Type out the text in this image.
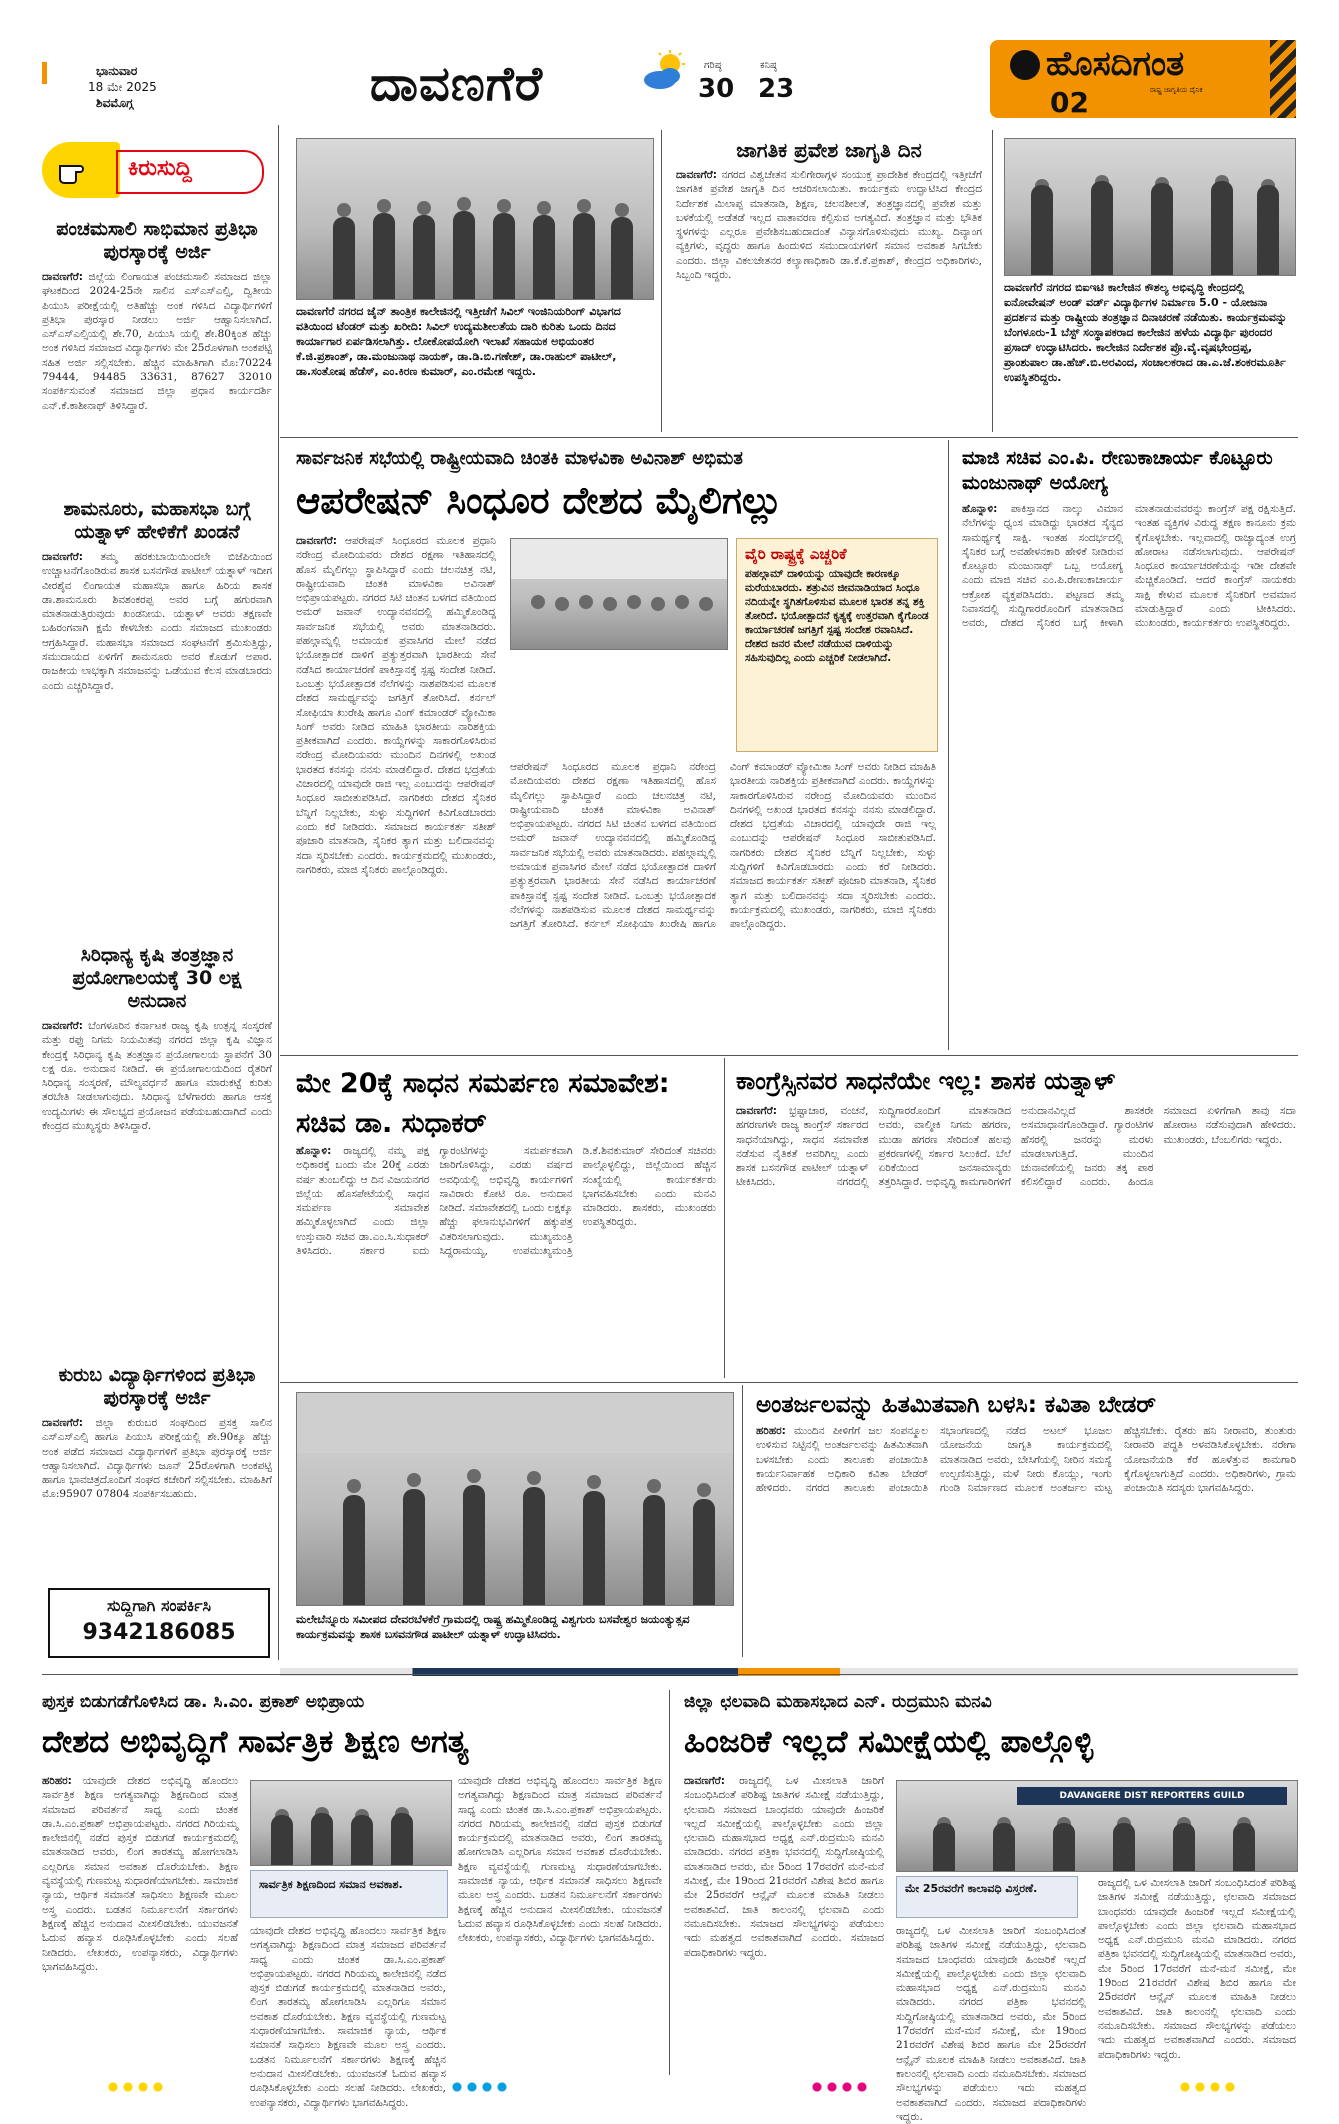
ಭಾನುವಾರ
18 ಮೇ 2025
ಶಿವಮೊಗ್ಗ	ದಾವಣಗೆರೆ	ಗರಿಷ್ಠ
30
ಕನಿಷ್ಠ
23
ಹೊಸದಿಗಂತ
ರಾಷ್ಟ್ರ ಜಾಗೃತಿಯ ದೈನಿಕ
02
ಕಿರುಸುದ್ದಿ
ಪಂಚಮಸಾಲಿ ಸಾಭಿಮಾನ ಪ್ರತಿಭಾ ಪುರಸ್ಕಾರಕ್ಕೆ ಅರ್ಜಿ
ದಾವಣಗೆರೆ: ಜಿಲ್ಲೆಯ ಲಿಂಗಾಯತ ಪಂಚಮಸಾಲಿ ಸಮಾಜದ ಜಿಲ್ಲಾ ಘಟಕದಿಂದ 2024-25ನೇ ಸಾಲಿನ ಎಸ್ಎಸ್ಎಲ್ಸಿ, ದ್ವಿತೀಯ ಪಿಯುಸಿ ಪರೀಕ್ಷೆಯಲ್ಲಿ ಅತಿಹೆಚ್ಚು ಅಂಕ ಗಳಿಸಿದ ವಿದ್ಯಾರ್ಥಿಗಳಿಗೆ ಪ್ರತಿಭಾ ಪುರಸ್ಕಾರ ನೀಡಲು ಅರ್ಜಿ ಆಹ್ವಾನಿಸಲಾಗಿದೆ. ಎಸ್ಎಸ್ಎಲ್ಸಿಯಲ್ಲಿ ಶೇ.70, ಪಿಯುಸಿ ಯಲ್ಲಿ ಶೇ.80ಕ್ಕಿಂತ ಹೆಚ್ಚು ಅಂಕ ಗಳಿಸಿದ ಸಮಾಜದ ವಿದ್ಯಾರ್ಥಿಗಳು ಮೇ 25ರೊಳಗಾಗಿ ಅಂಕಪಟ್ಟಿ ಸಹಿತ ಅರ್ಜಿ ಸಲ್ಲಿಸಬೇಕು. ಹೆಚ್ಚಿನ ಮಾಹಿತಿಗಾಗಿ ಮೊ:70224 79444, 94485 33631, 87627 32010 ಸಂಪರ್ಕಿಸುವಂತೆ ಸಮಾಜದ ಜಿಲ್ಲಾ ಪ್ರಧಾನ ಕಾರ್ಯದರ್ಶಿ ಎನ್.ಕೆ.ಕಾಶೀನಾಥ್ ತಿಳಿಸಿದ್ದಾರೆ.
ಶಾಮನೂರು, ಮಹಾಸಭಾ ಬಗ್ಗೆ ಯತ್ನಾಳ್ ಹೇಳಿಕೆಗೆ ಖಂಡನೆ
ದಾವಣಗೆರೆ: ತಮ್ಮ ಹರಕುಬಾಯಿಯಿಂದಲೇ ಬಿಜೆಪಿಯಿಂದ ಉಚ್ಚಾಟನೆಗೊಂಡಿರುವ ಶಾಸಕ ಬಸನಗೌಡ ಪಾಟೀಲ್ ಯತ್ನಾಳ್ ಇದೀಗ ವೀರಶೈವ ಲಿಂಗಾಯತ ಮಹಾಸಭಾ ಹಾಗೂ ಹಿರಿಯ ಶಾಸಕ ಡಾ.ಶಾಮನೂರು ಶಿವಶಂಕರಪ್ಪ ಅವರ ಬಗ್ಗೆ ಹಗುರವಾಗಿ ಮಾತನಾಡುತ್ತಿರುವುದು ಖಂಡನೀಯ. ಯತ್ನಾಳ್ ಅವರು ತಕ್ಷಣವೇ ಬಹಿರಂಗವಾಗಿ ಕ್ಷಮೆ ಕೇಳಬೇಕು ಎಂದು ಸಮಾಜದ ಮುಖಂಡರು ಆಗ್ರಹಿಸಿದ್ದಾರೆ. ಮಹಾಸಭಾ ಸಮಾಜದ ಸಂಘಟನೆಗೆ ಶ್ರಮಿಸುತ್ತಿದ್ದು, ಸಮುದಾಯದ ಏಳಿಗೆಗೆ ಶಾಮನೂರು ಅವರ ಕೊಡುಗೆ ಅಪಾರ. ರಾಜಕೀಯ ಲಾಭಕ್ಕಾಗಿ ಸಮಾಜವನ್ನು ಒಡೆಯುವ ಕೆಲಸ ಮಾಡಬಾರದು ಎಂದು ಎಚ್ಚರಿಸಿದ್ದಾರೆ.
ಸಿರಿಧಾನ್ಯ ಕೃಷಿ ತಂತ್ರಜ್ಞಾನ ಪ್ರಯೋಗಾಲಯಕ್ಕೆ 30 ಲಕ್ಷ ಅನುದಾನ
ದಾವಣಗೆರೆ: ಬೆಂಗಳೂರಿನ ಕರ್ನಾಟಕ ರಾಜ್ಯ ಕೃಷಿ ಉತ್ಪನ್ನ ಸಂಸ್ಕರಣೆ ಮತ್ತು ರಫ್ತು ನಿಗಮ ನಿಯಮಿತವು ನಗರದ ಜಿಲ್ಲಾ ಕೃಷಿ ವಿಜ್ಞಾನ ಕೇಂದ್ರಕ್ಕೆ ಸಿರಿಧಾನ್ಯ ಕೃಷಿ ತಂತ್ರಜ್ಞಾನ ಪ್ರಯೋಗಾಲಯ ಸ್ಥಾಪನೆಗೆ 30 ಲಕ್ಷ ರೂ. ಅನುದಾನ ನೀಡಿದೆ. ಈ ಪ್ರಯೋಗಾಲಯದಿಂದ ರೈತರಿಗೆ ಸಿರಿಧಾನ್ಯ ಸಂಸ್ಕರಣೆ, ಮೌಲ್ಯವರ್ಧನೆ ಹಾಗೂ ಮಾರುಕಟ್ಟೆ ಕುರಿತು ತರಬೇತಿ ನೀಡಲಾಗುವುದು. ಸಿರಿಧಾನ್ಯ ಬೆಳೆಗಾರರು ಹಾಗೂ ಆಸಕ್ತ ಉದ್ಯಮಿಗಳು ಈ ಸೌಲಭ್ಯದ ಪ್ರಯೋಜನ ಪಡೆಯಬಹುದಾಗಿದೆ ಎಂದು ಕೇಂದ್ರದ ಮುಖ್ಯಸ್ಥರು ತಿಳಿಸಿದ್ದಾರೆ.
ಕುರುಬ ವಿದ್ಯಾರ್ಥಿಗಳಿಂದ ಪ್ರತಿಭಾ ಪುರಸ್ಕಾರಕ್ಕೆ ಅರ್ಜಿ
ದಾವಣಗೆರೆ: ಜಿಲ್ಲಾ ಕುರುಬರ ಸಂಘದಿಂದ ಪ್ರಸಕ್ತ ಸಾಲಿನ ಎಸ್ಎಸ್ಎಲ್ಸಿ ಹಾಗೂ ಪಿಯುಸಿ ಪರೀಕ್ಷೆಯಲ್ಲಿ ಶೇ.90ಕ್ಕೂ ಹೆಚ್ಚು ಅಂಕ ಪಡೆದ ಸಮಾಜದ ವಿದ್ಯಾರ್ಥಿಗಳಿಗೆ ಪ್ರತಿಭಾ ಪುರಸ್ಕಾರಕ್ಕೆ ಅರ್ಜಿ ಆಹ್ವಾನಿಸಲಾಗಿದೆ. ವಿದ್ಯಾರ್ಥಿಗಳು ಜೂನ್ 25ರೊಳಗಾಗಿ ಅಂಕಪಟ್ಟಿ ಹಾಗೂ ಭಾವಚಿತ್ರದೊಂದಿಗೆ ಸಂಘದ ಕಚೇರಿಗೆ ಸಲ್ಲಿಸಬೇಕು. ಮಾಹಿತಿಗೆ ಮೊ:95907 07804 ಸಂಪರ್ಕಿಸಬಹುದು.
ಸುದ್ದಿಗಾಗಿ ಸಂಪರ್ಕಿಸಿ
9342186085
ದಾವಣಗೆರೆ ನಗರದ ಜೈನ್ ತಾಂತ್ರಿಕ ಕಾಲೇಜಿನಲ್ಲಿ ಇತ್ತೀಚೆಗೆ ಸಿವಿಲ್ ಇಂಜಿನಿಯರಿಂಗ್ ವಿಭಾಗದ ವತಿಯಿಂದ ಟೆಂಡರ್ ಮತ್ತು ಖರೀದಿ: ಸಿವಿಲ್ ಉದ್ಯಮಶೀಲತೆಯ ದಾರಿ ಕುರಿತು ಒಂದು ದಿನದ ಕಾರ್ಯಾಗಾರ ಏರ್ಪಡಿಸಲಾಗಿತ್ತು. ಲೋಕೋಪಯೋಗಿ ಇಲಾಖೆ ಸಹಾಯಕ ಅಭಿಯಂತರ ಕೆ.ಜಿ.ಪ್ರಶಾಂತ್, ಡಾ.ಮಂಜುನಾಥ ನಾಯಕ್, ಡಾ.ಡಿ.ಬಿ.ಗಣೇಶ್, ಡಾ.ರಾಹುಲ್ ಪಾಟೀಲ್, ಡಾ.ಸಂತೋಷ ಹೆಡೆಸ್, ಎಂ.ಕಿರಣ ಕುಮಾರ್, ಎಂ.ರಮೇಶ ಇದ್ದರು.
ಜಾಗತಿಕ ಪ್ರವೇಶ ಜಾಗೃತಿ ದಿನ
ದಾವಣಗೆರೆ: ನಗರದ ವಿಶ್ವಚೇತನ ಸುಲಿಗೇರಾಗ್ಗಳ ಸಂಯುಕ್ತ ಪ್ರಾದೇಶಿಕ ಕೇಂದ್ರದಲ್ಲಿ ಇತ್ತೀಚೆಗೆ ಜಾಗತಿಕ ಪ್ರವೇಶ ಜಾಗೃತಿ ದಿನ ಆಚರಿಸಲಾಯಿತು. ಕಾರ್ಯಕ್ರಮ ಉದ್ಘಾಟಿಸಿದ ಕೇಂದ್ರದ ನಿರ್ದೇಶಕ ಮಿಲಾಪ್ಪ ಮಾತನಾಡಿ, ಶಿಕ್ಷಣ, ಚಲನಶೀಲತೆ, ತಂತ್ರಜ್ಞಾನದಲ್ಲಿ ಪ್ರವೇಶ ಮತ್ತು ಬಳಕೆಯಲ್ಲಿ ಅಡೆತಡೆ ಇಲ್ಲದ ವಾತಾವರಣ ಕಲ್ಪಿಸುವ ಅಗತ್ಯವಿದೆ. ತಂತ್ರಜ್ಞಾನ ಮತ್ತು ಭೌತಿಕ ಸ್ಥಳಗಳನ್ನು ಎಲ್ಲರೂ ಪ್ರವೇಶಿಸಬಹುದಾದಂತೆ ವಿನ್ಯಾಸಗೊಳಿಸುವುದು ಮುಖ್ಯ. ದಿವ್ಯಾಂಗ ವ್ಯಕ್ತಿಗಳು, ವೃದ್ಧರು ಹಾಗೂ ಹಿಂದುಳಿದ ಸಮುದಾಯಗಳಿಗೆ ಸಮಾನ ಅವಕಾಶ ಸಿಗಬೇಕು ಎಂದರು. ಜಿಲ್ಲಾ ವಿಕಲಚೇತನರ ಕಲ್ಯಾಣಾಧಿಕಾರಿ ಡಾ.ಕೆ.ಕೆ.ಪ್ರಕಾಶ್, ಕೇಂದ್ರದ ಅಧಿಕಾರಿಗಳು, ಸಿಬ್ಬಂದಿ ಇದ್ದರು.
ದಾವಣಗೆರೆ ನಗರದ ಬಿಐಇಟಿ ಕಾಲೇಜಿನ ಕೌಶಲ್ಯ ಅಭಿವೃದ್ಧಿ ಕೇಂದ್ರದಲ್ಲಿ ಐನೋವೇಷನ್ ಅಂಡ್ ವರ್ಡ್ ವಿದ್ಯಾರ್ಥಿಗಳ ನಿರ್ಮಾಣ 5.0 - ಯೋಜನಾ ಪ್ರದರ್ಶನ ಮತ್ತು ರಾಷ್ಟ್ರೀಯ ತಂತ್ರಜ್ಞಾನ ದಿನಾಚರಣೆ ನಡೆಯಿತು. ಕಾರ್ಯಕ್ರಮವನ್ನು ಬೆಂಗಳೂರು-1 ಬೆಸ್ಟ್ ಸಂಸ್ಥಾಪಕರಾದ ಕಾಲೇಜಿನ ಹಳೆಯ ವಿದ್ಯಾರ್ಥಿ ಪುರಂದರ ಪ್ರಸಾದ್ ಉದ್ಘಾಟಿಸಿದರು. ಕಾಲೇಜಿನ ನಿರ್ದೇಶಕ ಪ್ರೊ.ವೈ.ವೃಷಭೇಂದ್ರಪ್ಪ, ಪ್ರಾಂಶುಪಾಲ ಡಾ.ಹೆಚ್.ಬಿ.ಅರವಿಂದ, ಸಂಚಾಲಕರಾದ ಡಾ.ಎ.ಜೆ.ಶಂಕರಮೂರ್ತಿ ಉಪಸ್ಥಿತರಿದ್ದರು.
ಸಾರ್ವಜನಿಕ ಸಭೆಯಲ್ಲಿ ರಾಷ್ಟ್ರೀಯವಾದಿ ಚಿಂತಕಿ ಮಾಳವಿಕಾ ಅವಿನಾಶ್ ಅಭಿಮತ
ಆಪರೇಷನ್ ಸಿಂಧೂರ ದೇಶದ ಮೈಲಿಗಲ್ಲು
ದಾವಣಗೆರೆ: ಆಪರೇಷನ್ ಸಿಂಧೂರದ ಮೂಲಕ ಪ್ರಧಾನಿ ನರೇಂದ್ರ ಮೋದಿಯವರು ದೇಶದ ರಕ್ಷಣಾ ಇತಿಹಾಸದಲ್ಲಿ ಹೊಸ ಮೈಲಿಗಲ್ಲು ಸ್ಥಾಪಿಸಿದ್ದಾರೆ ಎಂದು ಚಲನಚಿತ್ರ ನಟಿ, ರಾಷ್ಟ್ರೀಯವಾದಿ ಚಿಂತಕಿ ಮಾಳವಿಕಾ ಅವಿನಾಶ್ ಅಭಿಪ್ರಾಯಪಟ್ಟರು. ನಗರದ ಸಿಟಿ ಚಿಂತನ ಬಳಗದ ವತಿಯಿಂದ ಅಮರ್ ಜವಾನ್ ಉದ್ಯಾನವನದಲ್ಲಿ ಹಮ್ಮಿಕೊಂಡಿದ್ದ ಸಾರ್ವಜನಿಕ ಸಭೆಯಲ್ಲಿ ಅವರು ಮಾತನಾಡಿದರು. ಪಹಲ್ಗಾಮ್ನಲ್ಲಿ ಅಮಾಯಕ ಪ್ರವಾಸಿಗರ ಮೇಲೆ ನಡೆದ ಭಯೋತ್ಪಾದಕ ದಾಳಿಗೆ ಪ್ರತ್ಯುತ್ತರವಾಗಿ ಭಾರತೀಯ ಸೇನೆ ನಡೆಸಿದ ಕಾರ್ಯಾಚರಣೆ ಪಾಕಿಸ್ತಾನಕ್ಕೆ ಸ್ಪಷ್ಟ ಸಂದೇಶ ನೀಡಿದೆ. ಒಂಬತ್ತು ಭಯೋತ್ಪಾದಕ ನೆಲೆಗಳನ್ನು ನಾಶಪಡಿಸುವ ಮೂಲಕ ದೇಶದ ಸಾಮರ್ಥ್ಯವನ್ನು ಜಗತ್ತಿಗೆ ತೋರಿಸಿದೆ. ಕರ್ನಲ್ ಸೋಫಿಯಾ ಖುರೇಷಿ ಹಾಗೂ ವಿಂಗ್ ಕಮಾಂಡರ್ ವ್ಯೋಮಿಕಾ ಸಿಂಗ್ ಅವರು ನೀಡಿದ ಮಾಹಿತಿ ಭಾರತೀಯ ನಾರಿಶಕ್ತಿಯ ಪ್ರತೀಕವಾಗಿದೆ ಎಂದರು. ಕಾಯ್ದೆಗಳನ್ನು ಸಾಕಾರಗೊಳಿಸಿರುವ ನರೇಂದ್ರ ಮೋದಿಯವರು ಮುಂದಿನ ದಿನಗಳಲ್ಲಿ ಅಖಂಡ ಭಾರತದ ಕನಸನ್ನು ನನಸು ಮಾಡಲಿದ್ದಾರೆ. ದೇಶದ ಭದ್ರತೆಯ ವಿಚಾರದಲ್ಲಿ ಯಾವುದೇ ರಾಜಿ ಇಲ್ಲ ಎಂಬುದನ್ನು ಆಪರೇಷನ್ ಸಿಂಧೂರ ಸಾಬೀತುಪಡಿಸಿದೆ. ನಾಗರಿಕರು ದೇಶದ ಸೈನಿಕರ ಬೆನ್ನಿಗೆ ನಿಲ್ಲಬೇಕು, ಸುಳ್ಳು ಸುದ್ದಿಗಳಿಗೆ ಕಿವಿಗೊಡಬಾರದು ಎಂದು ಕರೆ ನೀಡಿದರು. ಸಮಾಜದ ಕಾರ್ಯಕರ್ತ ಸತೀಶ್ ಪೂಜಾರಿ ಮಾತನಾಡಿ, ಸೈನಿಕರ ತ್ಯಾಗ ಮತ್ತು ಬಲಿದಾನವನ್ನು ಸದಾ ಸ್ಮರಿಸಬೇಕು ಎಂದರು. ಕಾರ್ಯಕ್ರಮದಲ್ಲಿ ಮುಖಂಡರು, ನಾಗರಿಕರು, ಮಾಜಿ ಸೈನಿಕರು ಪಾಲ್ಗೊಂಡಿದ್ದರು.
ವೈರಿ ರಾಷ್ಟ್ರಕ್ಕೆ ಎಚ್ಚರಿಕೆ
ಪಹಲ್ಗಾಮ್ ದಾಳಿಯನ್ನು ಯಾವುದೇ ಕಾರಣಕ್ಕೂ ಮರೆಯಬಾರದು. ಶತ್ರುವಿನ ಜೀವನಾಡಿಯಾದ ಸಿಂಧೂ ನದಿಯನ್ನೇ ಸ್ಥಗಿತಗೊಳಿಸುವ ಮೂಲಕ ಭಾರತ ತನ್ನ ಶಕ್ತಿ ತೋರಿದೆ. ಭಯೋತ್ಪಾದನೆ ಕೃತ್ಯಕ್ಕೆ ಉತ್ತರವಾಗಿ ಕೈಗೊಂಡ ಕಾರ್ಯಾಚರಣೆ ಜಗತ್ತಿಗೆ ಸ್ಪಷ್ಟ ಸಂದೇಶ ರವಾನಿಸಿದೆ. ದೇಶದ ಜನರ ಮೇಲೆ ನಡೆಯುವ ದಾಳಿಯನ್ನು ಸಹಿಸುವುದಿಲ್ಲ ಎಂದು ಎಚ್ಚರಿಕೆ ನೀಡಲಾಗಿದೆ.
ಆಪರೇಷನ್ ಸಿಂಧೂರದ ಮೂಲಕ ಪ್ರಧಾನಿ ನರೇಂದ್ರ ಮೋದಿಯವರು ದೇಶದ ರಕ್ಷಣಾ ಇತಿಹಾಸದಲ್ಲಿ ಹೊಸ ಮೈಲಿಗಲ್ಲು ಸ್ಥಾಪಿಸಿದ್ದಾರೆ ಎಂದು ಚಲನಚಿತ್ರ ನಟಿ, ರಾಷ್ಟ್ರೀಯವಾದಿ ಚಿಂತಕಿ ಮಾಳವಿಕಾ ಅವಿನಾಶ್ ಅಭಿಪ್ರಾಯಪಟ್ಟರು. ನಗರದ ಸಿಟಿ ಚಿಂತನ ಬಳಗದ ವತಿಯಿಂದ ಅಮರ್ ಜವಾನ್ ಉದ್ಯಾನವನದಲ್ಲಿ ಹಮ್ಮಿಕೊಂಡಿದ್ದ ಸಾರ್ವಜನಿಕ ಸಭೆಯಲ್ಲಿ ಅವರು ಮಾತನಾಡಿದರು. ಪಹಲ್ಗಾಮ್ನಲ್ಲಿ ಅಮಾಯಕ ಪ್ರವಾಸಿಗರ ಮೇಲೆ ನಡೆದ ಭಯೋತ್ಪಾದಕ ದಾಳಿಗೆ ಪ್ರತ್ಯುತ್ತರವಾಗಿ ಭಾರತೀಯ ಸೇನೆ ನಡೆಸಿದ ಕಾರ್ಯಾಚರಣೆ ಪಾಕಿಸ್ತಾನಕ್ಕೆ ಸ್ಪಷ್ಟ ಸಂದೇಶ ನೀಡಿದೆ. ಒಂಬತ್ತು ಭಯೋತ್ಪಾದಕ ನೆಲೆಗಳನ್ನು ನಾಶಪಡಿಸುವ ಮೂಲಕ ದೇಶದ ಸಾಮರ್ಥ್ಯವನ್ನು ಜಗತ್ತಿಗೆ ತೋರಿಸಿದೆ. ಕರ್ನಲ್ ಸೋಫಿಯಾ ಖುರೇಷಿ ಹಾಗೂ ವಿಂಗ್ ಕಮಾಂಡರ್ ವ್ಯೋಮಿಕಾ ಸಿಂಗ್ ಅವರು ನೀಡಿದ ಮಾಹಿತಿ ಭಾರತೀಯ ನಾರಿಶಕ್ತಿಯ ಪ್ರತೀಕವಾಗಿದೆ ಎಂದರು. ಕಾಯ್ದೆಗಳನ್ನು ಸಾಕಾರಗೊಳಿಸಿರುವ ನರೇಂದ್ರ ಮೋದಿಯವರು ಮುಂದಿನ ದಿನಗಳಲ್ಲಿ ಅಖಂಡ ಭಾರತದ ಕನಸನ್ನು ನನಸು ಮಾಡಲಿದ್ದಾರೆ. ದೇಶದ ಭದ್ರತೆಯ ವಿಚಾರದಲ್ಲಿ ಯಾವುದೇ ರಾಜಿ ಇಲ್ಲ ಎಂಬುದನ್ನು ಆಪರೇಷನ್ ಸಿಂಧೂರ ಸಾಬೀತುಪಡಿಸಿದೆ. ನಾಗರಿಕರು ದೇಶದ ಸೈನಿಕರ ಬೆನ್ನಿಗೆ ನಿಲ್ಲಬೇಕು, ಸುಳ್ಳು ಸುದ್ದಿಗಳಿಗೆ ಕಿವಿಗೊಡಬಾರದು ಎಂದು ಕರೆ ನೀಡಿದರು. ಸಮಾಜದ ಕಾರ್ಯಕರ್ತ ಸತೀಶ್ ಪೂಜಾರಿ ಮಾತನಾಡಿ, ಸೈನಿಕರ ತ್ಯಾಗ ಮತ್ತು ಬಲಿದಾನವನ್ನು ಸದಾ ಸ್ಮರಿಸಬೇಕು ಎಂದರು. ಕಾರ್ಯಕ್ರಮದಲ್ಲಿ ಮುಖಂಡರು, ನಾಗರಿಕರು, ಮಾಜಿ ಸೈನಿಕರು ಪಾಲ್ಗೊಂಡಿದ್ದರು.
ಮಾಜಿ ಸಚಿವ ಎಂ.ಪಿ. ರೇಣುಕಾಚಾರ್ಯ ಕೊಟ್ಟೂರು ಮಂಜುನಾಥ್ ಅಯೋಗ್ಯ
ಹೊನ್ನಾಳಿ: ಪಾಕಿಸ್ತಾನದ ನಾಲ್ಕು ವಿಮಾನ ನೆಲೆಗಳನ್ನು ಧ್ವಂಸ ಮಾಡಿದ್ದು ಭಾರತದ ಸೈನ್ಯದ ಸಾಮರ್ಥ್ಯಕ್ಕೆ ಸಾಕ್ಷಿ. ಇಂತಹ ಸಂದರ್ಭದಲ್ಲಿ ಸೈನಿಕರ ಬಗ್ಗೆ ಅವಹೇಳನಕಾರಿ ಹೇಳಿಕೆ ನೀಡಿರುವ ಕೊಟ್ಟೂರು ಮಂಜುನಾಥ್ ಒಬ್ಬ ಅಯೋಗ್ಯ ಎಂದು ಮಾಜಿ ಸಚಿವ ಎಂ.ಪಿ.ರೇಣುಕಾಚಾರ್ಯ ಆಕ್ರೋಶ ವ್ಯಕ್ತಪಡಿಸಿದರು. ಪಟ್ಟಣದ ತಮ್ಮ ನಿವಾಸದಲ್ಲಿ ಸುದ್ದಿಗಾರರೊಂದಿಗೆ ಮಾತನಾಡಿದ ಅವರು, ದೇಶದ ಸೈನಿಕರ ಬಗ್ಗೆ ಕೀಳಾಗಿ ಮಾತನಾಡುವವರನ್ನು ಕಾಂಗ್ರೆಸ್ ಪಕ್ಷ ರಕ್ಷಿಸುತ್ತಿದೆ. ಇಂತಹ ವ್ಯಕ್ತಿಗಳ ವಿರುದ್ಧ ತಕ್ಷಣ ಕಾನೂನು ಕ್ರಮ ಕೈಗೊಳ್ಳಬೇಕು. ಇಲ್ಲವಾದಲ್ಲಿ ರಾಜ್ಯಾದ್ಯಂತ ಉಗ್ರ ಹೋರಾಟ ನಡೆಸಲಾಗುವುದು. ಆಪರೇಷನ್ ಸಿಂಧೂರ ಕಾರ್ಯಾಚರಣೆಯನ್ನು ಇಡೀ ದೇಶವೇ ಮೆಚ್ಚಿಕೊಂಡಿದೆ. ಆದರೆ ಕಾಂಗ್ರೆಸ್ ನಾಯಕರು ಸಾಕ್ಷಿ ಕೇಳುವ ಮೂಲಕ ಸೈನಿಕರಿಗೆ ಅವಮಾನ ಮಾಡುತ್ತಿದ್ದಾರೆ ಎಂದು ಟೀಕಿಸಿದರು. ಮುಖಂಡರು, ಕಾರ್ಯಕರ್ತರು ಉಪಸ್ಥಿತರಿದ್ದರು.
ಮೇ 20ಕ್ಕೆ ಸಾಧನ ಸಮರ್ಪಣ ಸಮಾವೇಶ: ಸಚಿವ ಡಾ. ಸುಧಾಕರ್
ಹೊನ್ನಾಳಿ: ರಾಜ್ಯದಲ್ಲಿ ನಮ್ಮ ಪಕ್ಷ ಅಧಿಕಾರಕ್ಕೆ ಬಂದು ಮೇ 20ಕ್ಕೆ ಎರಡು ವರ್ಷ ತುಂಬಲಿದ್ದು ಆ ದಿನ ವಿಜಯನಗರ ಜಿಲ್ಲೆಯ ಹೊಸಪೇಟೆಯಲ್ಲಿ ಸಾಧನ ಸಮರ್ಪಣ ಸಮಾವೇಶ ಹಮ್ಮಿಕೊಳ್ಳಲಾಗಿದೆ ಎಂದು ಜಿಲ್ಲಾ ಉಸ್ತುವಾರಿ ಸಚಿವ ಡಾ.ಎಂ.ಸಿ.ಸುಧಾಕರ್ ತಿಳಿಸಿದರು. ಸರ್ಕಾರ ಐದು ಗ್ಯಾರಂಟಿಗಳನ್ನು ಸಮರ್ಪಕವಾಗಿ ಜಾರಿಗೊಳಿಸಿದ್ದು, ಎರಡು ವರ್ಷದ ಅವಧಿಯಲ್ಲಿ ಅಭಿವೃದ್ಧಿ ಕಾರ್ಯಗಳಿಗೆ ಸಾವಿರಾರು ಕೋಟಿ ರೂ. ಅನುದಾನ ನೀಡಿದೆ. ಸಮಾವೇಶದಲ್ಲಿ ಒಂದು ಲಕ್ಷಕ್ಕೂ ಹೆಚ್ಚು ಫಲಾನುಭವಿಗಳಿಗೆ ಹಕ್ಕುಪತ್ರ ವಿತರಿಸಲಾಗುವುದು. ಮುಖ್ಯಮಂತ್ರಿ ಸಿದ್ದರಾಮಯ್ಯ, ಉಪಮುಖ್ಯಮಂತ್ರಿ ಡಿ.ಕೆ.ಶಿವಕುಮಾರ್ ಸೇರಿದಂತೆ ಸಚಿವರು ಪಾಲ್ಗೊಳ್ಳಲಿದ್ದು, ಜಿಲ್ಲೆಯಿಂದ ಹೆಚ್ಚಿನ ಸಂಖ್ಯೆಯಲ್ಲಿ ಕಾರ್ಯಕರ್ತರು ಭಾಗವಹಿಸಬೇಕು ಎಂದು ಮನವಿ ಮಾಡಿದರು. ಶಾಸಕರು, ಮುಖಂಡರು ಉಪಸ್ಥಿತರಿದ್ದರು.
ಕಾಂಗ್ರೆಸ್ಸಿನವರ ಸಾಧನೆಯೇ ಇಲ್ಲ: ಶಾಸಕ ಯತ್ನಾಳ್
ದಾವಣಗೆರೆ: ಭ್ರಷ್ಟಾಚಾರ, ವಂಚನೆ, ಹಗರಣಗಳೇ ರಾಜ್ಯ ಕಾಂಗ್ರೆಸ್ ಸರ್ಕಾರದ ಸಾಧನೆಯಾಗಿದ್ದು, ಸಾಧನ ಸಮಾವೇಶ ನಡೆಸುವ ನೈತಿಕತೆ ಅವರಿಗಿಲ್ಲ ಎಂದು ಶಾಸಕ ಬಸನಗೌಡ ಪಾಟೀಲ್ ಯತ್ನಾಳ್ ಟೀಕಿಸಿದರು. ನಗರದಲ್ಲಿ ಸುದ್ದಿಗಾರರೊಂದಿಗೆ ಮಾತನಾಡಿದ ಅವರು, ವಾಲ್ಮೀಕಿ ನಿಗಮ ಹಗರಣ, ಮುಡಾ ಹಗರಣ ಸೇರಿದಂತೆ ಹಲವು ಪ್ರಕರಣಗಳಲ್ಲಿ ಸರ್ಕಾರ ಸಿಲುಕಿದೆ. ಬೆಲೆ ಏರಿಕೆಯಿಂದ ಜನಸಾಮಾನ್ಯರು ತತ್ತರಿಸಿದ್ದಾರೆ. ಅಭಿವೃದ್ಧಿ ಕಾಮಗಾರಿಗಳಿಗೆ ಅನುದಾನವಿಲ್ಲದೆ ಶಾಸಕರೇ ಅಸಮಾಧಾನಗೊಂಡಿದ್ದಾರೆ. ಗ್ಯಾರಂಟಿಗಳ ಹೆಸರಲ್ಲಿ ಜನರನ್ನು ಮರಳು ಮಾಡಲಾಗುತ್ತಿದೆ. ಮುಂದಿನ ಚುನಾವಣೆಯಲ್ಲಿ ಜನರು ತಕ್ಕ ಪಾಠ ಕಲಿಸಲಿದ್ದಾರೆ ಎಂದರು. ಹಿಂದೂ ಸಮಾಜದ ಏಳಿಗೆಗಾಗಿ ತಾವು ಸದಾ ಹೋರಾಟ ನಡೆಸುವುದಾಗಿ ಹೇಳಿದರು. ಮುಖಂಡರು, ಬೆಂಬಲಿಗರು ಇದ್ದರು.
ಮಲೇಬೆನ್ನೂರು ಸಮೀಪದ ದೇವರಬೆಳಕೆರೆ ಗ್ರಾಮದಲ್ಲಿ ರಾಷ್ಟ್ರ ಹಮ್ಮಿಕೊಂಡಿದ್ದ ವಿಶ್ವಗುರು ಬಸವೇಶ್ವರ ಜಯಂತ್ಯುತ್ಸವ ಕಾರ್ಯಕ್ರಮವನ್ನು ಶಾಸಕ ಬಸವನಗೌಡ ಪಾಟೀಲ್ ಯತ್ನಾಳ್ ಉದ್ಘಾಟಿಸಿದರು.
ಅಂತರ್ಜಲವನ್ನು ಹಿತಮಿತವಾಗಿ ಬಳಸಿ: ಕವಿತಾ ಬೇಡರ್
ಹರಿಹರ: ಮುಂದಿನ ಪೀಳಿಗೆಗೆ ಜಲ ಸಂಪನ್ಮೂಲ ಉಳಿಸುವ ನಿಟ್ಟಿನಲ್ಲಿ ಅಂತರ್ಜಲವನ್ನು ಹಿತಮಿತವಾಗಿ ಬಳಸಬೇಕು ಎಂದು ತಾಲೂಕು ಪಂಚಾಯಿತಿ ಕಾರ್ಯನಿರ್ವಾಹಕ ಅಧಿಕಾರಿ ಕವಿತಾ ಬೇಡರ್ ಹೇಳಿದರು. ನಗರದ ತಾಲೂಕು ಪಂಚಾಯಿತಿ ಸಭಾಂಗಣದಲ್ಲಿ ನಡೆದ ಅಟಲ್ ಭೂಜಲ ಯೋಜನೆಯ ಜಾಗೃತಿ ಕಾರ್ಯಕ್ರಮದಲ್ಲಿ ಮಾತನಾಡಿದ ಅವರು, ಬೇಸಿಗೆಯಲ್ಲಿ ನೀರಿನ ಸಮಸ್ಯೆ ಉಲ್ಬಣಿಸುತ್ತಿದ್ದು, ಮಳೆ ನೀರು ಕೊಯ್ಲು, ಇಂಗು ಗುಂಡಿ ನಿರ್ಮಾಣದ ಮೂಲಕ ಅಂತರ್ಜಲ ಮಟ್ಟ ಹೆಚ್ಚಿಸಬೇಕು. ರೈತರು ಹನಿ ನೀರಾವರಿ, ತುಂತುರು ನೀರಾವರಿ ಪದ್ಧತಿ ಅಳವಡಿಸಿಕೊಳ್ಳಬೇಕು. ನರೇಗಾ ಯೋಜನೆಯಡಿ ಕೆರೆ ಹೂಳೆತ್ತುವ ಕಾಮಗಾರಿ ಕೈಗೊಳ್ಳಲಾಗುತ್ತಿದೆ ಎಂದರು. ಅಧಿಕಾರಿಗಳು, ಗ್ರಾಮ ಪಂಚಾಯಿತಿ ಸದಸ್ಯರು ಭಾಗವಹಿಸಿದ್ದರು.
ಪುಸ್ತಕ ಬಿಡುಗಡೆಗೊಳಿಸಿದ ಡಾ. ಸಿ.ಎಂ. ಪ್ರಕಾಶ್ ಅಭಿಪ್ರಾಯ
ದೇಶದ ಅಭಿವೃದ್ಧಿಗೆ ಸಾರ್ವತ್ರಿಕ ಶಿಕ್ಷಣ ಅಗತ್ಯ
ಹರಿಹರ: ಯಾವುದೇ ದೇಶದ ಅಭಿವೃದ್ಧಿ ಹೊಂದಲು ಸಾರ್ವತ್ರಿಕ ಶಿಕ್ಷಣ ಅಗತ್ಯವಾಗಿದ್ದು ಶಿಕ್ಷಣದಿಂದ ಮಾತ್ರ ಸಮಾಜದ ಪರಿವರ್ತನೆ ಸಾಧ್ಯ ಎಂದು ಚಿಂತಕ ಡಾ.ಸಿ.ಎಂ.ಪ್ರಕಾಶ್ ಅಭಿಪ್ರಾಯಪಟ್ಟರು. ನಗರದ ಗಿರಿಯಮ್ಮ ಕಾಲೇಜಿನಲ್ಲಿ ನಡೆದ ಪುಸ್ತಕ ಬಿಡುಗಡೆ ಕಾರ್ಯಕ್ರಮದಲ್ಲಿ ಮಾತನಾಡಿದ ಅವರು, ಲಿಂಗ ತಾರತಮ್ಯ ಹೋಗಲಾಡಿಸಿ ಎಲ್ಲರಿಗೂ ಸಮಾನ ಅವಕಾಶ ದೊರೆಯಬೇಕು. ಶಿಕ್ಷಣ ವ್ಯವಸ್ಥೆಯಲ್ಲಿ ಗುಣಮಟ್ಟ ಸುಧಾರಣೆಯಾಗಬೇಕು. ಸಾಮಾಜಿಕ ನ್ಯಾಯ, ಆರ್ಥಿಕ ಸಮಾನತೆ ಸಾಧಿಸಲು ಶಿಕ್ಷಣವೇ ಮೂಲ ಅಸ್ತ್ರ ಎಂದರು. ಬಡತನ ನಿರ್ಮೂಲನೆಗೆ ಸರ್ಕಾರಗಳು ಶಿಕ್ಷಣಕ್ಕೆ ಹೆಚ್ಚಿನ ಅನುದಾನ ಮೀಸಲಿಡಬೇಕು. ಯುವಜನತೆ ಓದುವ ಹವ್ಯಾಸ ರೂಢಿಸಿಕೊಳ್ಳಬೇಕು ಎಂದು ಸಲಹೆ ನೀಡಿದರು. ಲೇಖಕರು, ಉಪನ್ಯಾಸಕರು, ವಿದ್ಯಾರ್ಥಿಗಳು ಭಾಗವಹಿಸಿದ್ದರು.
ಸಾರ್ವತ್ರಿಕ ಶಿಕ್ಷಣದಿಂದ ಸಮಾನ ಅವಕಾಶ.
ಯಾವುದೇ ದೇಶದ ಅಭಿವೃದ್ಧಿ ಹೊಂದಲು ಸಾರ್ವತ್ರಿಕ ಶಿಕ್ಷಣ ಅಗತ್ಯವಾಗಿದ್ದು ಶಿಕ್ಷಣದಿಂದ ಮಾತ್ರ ಸಮಾಜದ ಪರಿವರ್ತನೆ ಸಾಧ್ಯ ಎಂದು ಚಿಂತಕ ಡಾ.ಸಿ.ಎಂ.ಪ್ರಕಾಶ್ ಅಭಿಪ್ರಾಯಪಟ್ಟರು. ನಗರದ ಗಿರಿಯಮ್ಮ ಕಾಲೇಜಿನಲ್ಲಿ ನಡೆದ ಪುಸ್ತಕ ಬಿಡುಗಡೆ ಕಾರ್ಯಕ್ರಮದಲ್ಲಿ ಮಾತನಾಡಿದ ಅವರು, ಲಿಂಗ ತಾರತಮ್ಯ ಹೋಗಲಾಡಿಸಿ ಎಲ್ಲರಿಗೂ ಸಮಾನ ಅವಕಾಶ ದೊರೆಯಬೇಕು. ಶಿಕ್ಷಣ ವ್ಯವಸ್ಥೆಯಲ್ಲಿ ಗುಣಮಟ್ಟ ಸುಧಾರಣೆಯಾಗಬೇಕು. ಸಾಮಾಜಿಕ ನ್ಯಾಯ, ಆರ್ಥಿಕ ಸಮಾನತೆ ಸಾಧಿಸಲು ಶಿಕ್ಷಣವೇ ಮೂಲ ಅಸ್ತ್ರ ಎಂದರು. ಬಡತನ ನಿರ್ಮೂಲನೆಗೆ ಸರ್ಕಾರಗಳು ಶಿಕ್ಷಣಕ್ಕೆ ಹೆಚ್ಚಿನ ಅನುದಾನ ಮೀಸಲಿಡಬೇಕು. ಯುವಜನತೆ ಓದುವ ಹವ್ಯಾಸ ರೂಢಿಸಿಕೊಳ್ಳಬೇಕು ಎಂದು ಸಲಹೆ ನೀಡಿದರು. ಲೇಖಕರು, ಉಪನ್ಯಾಸಕರು, ವಿದ್ಯಾರ್ಥಿಗಳು ಭಾಗವಹಿಸಿದ್ದರು.
ಯಾವುದೇ ದೇಶದ ಅಭಿವೃದ್ಧಿ ಹೊಂದಲು ಸಾರ್ವತ್ರಿಕ ಶಿಕ್ಷಣ ಅಗತ್ಯವಾಗಿದ್ದು ಶಿಕ್ಷಣದಿಂದ ಮಾತ್ರ ಸಮಾಜದ ಪರಿವರ್ತನೆ ಸಾಧ್ಯ ಎಂದು ಚಿಂತಕ ಡಾ.ಸಿ.ಎಂ.ಪ್ರಕಾಶ್ ಅಭಿಪ್ರಾಯಪಟ್ಟರು. ನಗರದ ಗಿರಿಯಮ್ಮ ಕಾಲೇಜಿನಲ್ಲಿ ನಡೆದ ಪುಸ್ತಕ ಬಿಡುಗಡೆ ಕಾರ್ಯಕ್ರಮದಲ್ಲಿ ಮಾತನಾಡಿದ ಅವರು, ಲಿಂಗ ತಾರತಮ್ಯ ಹೋಗಲಾಡಿಸಿ ಎಲ್ಲರಿಗೂ ಸಮಾನ ಅವಕಾಶ ದೊರೆಯಬೇಕು. ಶಿಕ್ಷಣ ವ್ಯವಸ್ಥೆಯಲ್ಲಿ ಗುಣಮಟ್ಟ ಸುಧಾರಣೆಯಾಗಬೇಕು. ಸಾಮಾಜಿಕ ನ್ಯಾಯ, ಆರ್ಥಿಕ ಸಮಾನತೆ ಸಾಧಿಸಲು ಶಿಕ್ಷಣವೇ ಮೂಲ ಅಸ್ತ್ರ ಎಂದರು. ಬಡತನ ನಿರ್ಮೂಲನೆಗೆ ಸರ್ಕಾರಗಳು ಶಿಕ್ಷಣಕ್ಕೆ ಹೆಚ್ಚಿನ ಅನುದಾನ ಮೀಸಲಿಡಬೇಕು. ಯುವಜನತೆ ಓದುವ ಹವ್ಯಾಸ ರೂಢಿಸಿಕೊಳ್ಳಬೇಕು ಎಂದು ಸಲಹೆ ನೀಡಿದರು. ಲೇಖಕರು, ಉಪನ್ಯಾಸಕರು, ವಿದ್ಯಾರ್ಥಿಗಳು ಭಾಗವಹಿಸಿದ್ದರು.
ಜಿಲ್ಲಾ ಛಲವಾದಿ ಮಹಾಸಭಾದ ಎನ್. ರುದ್ರಮುನಿ ಮನವಿ
ಹಿಂಜರಿಕೆ ಇಲ್ಲದೆ ಸಮೀಕ್ಷೆಯಲ್ಲಿ ಪಾಲ್ಗೊಳ್ಳಿ
ದಾವಣಗೆರೆ: ರಾಜ್ಯದಲ್ಲಿ ಒಳ ಮೀಸಲಾತಿ ಜಾರಿಗೆ ಸಂಬಂಧಿಸಿದಂತೆ ಪರಿಶಿಷ್ಟ ಜಾತಿಗಳ ಸಮೀಕ್ಷೆ ನಡೆಯುತ್ತಿದ್ದು, ಛಲವಾದಿ ಸಮಾಜದ ಬಾಂಧವರು ಯಾವುದೇ ಹಿಂಜರಿಕೆ ಇಲ್ಲದೆ ಸಮೀಕ್ಷೆಯಲ್ಲಿ ಪಾಲ್ಗೊಳ್ಳಬೇಕು ಎಂದು ಜಿಲ್ಲಾ ಛಲವಾದಿ ಮಹಾಸಭಾದ ಅಧ್ಯಕ್ಷ ಎನ್.ರುದ್ರಮುನಿ ಮನವಿ ಮಾಡಿದರು. ನಗರದ ಪತ್ರಿಕಾ ಭವನದಲ್ಲಿ ಸುದ್ದಿಗೋಷ್ಠಿಯಲ್ಲಿ ಮಾತನಾಡಿದ ಅವರು, ಮೇ 5ರಿಂದ 17ರವರೆಗೆ ಮನೆ-ಮನೆ ಸಮೀಕ್ಷೆ, ಮೇ 19ರಿಂದ 21ರವರೆಗೆ ವಿಶೇಷ ಶಿಬಿರ ಹಾಗೂ ಮೇ 25ರವರೆಗೆ ಆನ್ಲೈನ್ ಮೂಲಕ ಮಾಹಿತಿ ನೀಡಲು ಅವಕಾಶವಿದೆ. ಜಾತಿ ಕಾಲಂನಲ್ಲಿ ಛಲವಾದಿ ಎಂದು ನಮೂದಿಸಬೇಕು. ಸಮಾಜದ ಸೌಲಭ್ಯಗಳನ್ನು ಪಡೆಯಲು ಇದು ಮಹತ್ವದ ಅವಕಾಶವಾಗಿದೆ ಎಂದರು. ಸಮಾಜದ ಪದಾಧಿಕಾರಿಗಳು ಇದ್ದರು.
DAVANGERE DIST REPORTERS GUILD
ಮೇ 25ರವರೆಗೆ ಕಾಲಾವಧಿ ವಿಸ್ತರಣೆ.
ರಾಜ್ಯದಲ್ಲಿ ಒಳ ಮೀಸಲಾತಿ ಜಾರಿಗೆ ಸಂಬಂಧಿಸಿದಂತೆ ಪರಿಶಿಷ್ಟ ಜಾತಿಗಳ ಸಮೀಕ್ಷೆ ನಡೆಯುತ್ತಿದ್ದು, ಛಲವಾದಿ ಸಮಾಜದ ಬಾಂಧವರು ಯಾವುದೇ ಹಿಂಜರಿಕೆ ಇಲ್ಲದೆ ಸಮೀಕ್ಷೆಯಲ್ಲಿ ಪಾಲ್ಗೊಳ್ಳಬೇಕು ಎಂದು ಜಿಲ್ಲಾ ಛಲವಾದಿ ಮಹಾಸಭಾದ ಅಧ್ಯಕ್ಷ ಎನ್.ರುದ್ರಮುನಿ ಮನವಿ ಮಾಡಿದರು. ನಗರದ ಪತ್ರಿಕಾ ಭವನದಲ್ಲಿ ಸುದ್ದಿಗೋಷ್ಠಿಯಲ್ಲಿ ಮಾತನಾಡಿದ ಅವರು, ಮೇ 5ರಿಂದ 17ರವರೆಗೆ ಮನೆ-ಮನೆ ಸಮೀಕ್ಷೆ, ಮೇ 19ರಿಂದ 21ರವರೆಗೆ ವಿಶೇಷ ಶಿಬಿರ ಹಾಗೂ ಮೇ 25ರವರೆಗೆ ಆನ್ಲೈನ್ ಮೂಲಕ ಮಾಹಿತಿ ನೀಡಲು ಅವಕಾಶವಿದೆ. ಜಾತಿ ಕಾಲಂನಲ್ಲಿ ಛಲವಾದಿ ಎಂದು ನಮೂದಿಸಬೇಕು. ಸಮಾಜದ ಸೌಲಭ್ಯಗಳನ್ನು ಪಡೆಯಲು ಇದು ಮಹತ್ವದ ಅವಕಾಶವಾಗಿದೆ ಎಂದರು. ಸಮಾಜದ ಪದಾಧಿಕಾರಿಗಳು ಇದ್ದರು.
ರಾಜ್ಯದಲ್ಲಿ ಒಳ ಮೀಸಲಾತಿ ಜಾರಿಗೆ ಸಂಬಂಧಿಸಿದಂತೆ ಪರಿಶಿಷ್ಟ ಜಾತಿಗಳ ಸಮೀಕ್ಷೆ ನಡೆಯುತ್ತಿದ್ದು, ಛಲವಾದಿ ಸಮಾಜದ ಬಾಂಧವರು ಯಾವುದೇ ಹಿಂಜರಿಕೆ ಇಲ್ಲದೆ ಸಮೀಕ್ಷೆಯಲ್ಲಿ ಪಾಲ್ಗೊಳ್ಳಬೇಕು ಎಂದು ಜಿಲ್ಲಾ ಛಲವಾದಿ ಮಹಾಸಭಾದ ಅಧ್ಯಕ್ಷ ಎನ್.ರುದ್ರಮುನಿ ಮನವಿ ಮಾಡಿದರು. ನಗರದ ಪತ್ರಿಕಾ ಭವನದಲ್ಲಿ ಸುದ್ದಿಗೋಷ್ಠಿಯಲ್ಲಿ ಮಾತನಾಡಿದ ಅವರು, ಮೇ 5ರಿಂದ 17ರವರೆಗೆ ಮನೆ-ಮನೆ ಸಮೀಕ್ಷೆ, ಮೇ 19ರಿಂದ 21ರವರೆಗೆ ವಿಶೇಷ ಶಿಬಿರ ಹಾಗೂ ಮೇ 25ರವರೆಗೆ ಆನ್ಲೈನ್ ಮೂಲಕ ಮಾಹಿತಿ ನೀಡಲು ಅವಕಾಶವಿದೆ. ಜಾತಿ ಕಾಲಂನಲ್ಲಿ ಛಲವಾದಿ ಎಂದು ನಮೂದಿಸಬೇಕು. ಸಮಾಜದ ಸೌಲಭ್ಯಗಳನ್ನು ಪಡೆಯಲು ಇದು ಮಹತ್ವದ ಅವಕಾಶವಾಗಿದೆ ಎಂದರು. ಸಮಾಜದ ಪದಾಧಿಕಾರಿಗಳು ಇದ್ದರು.
